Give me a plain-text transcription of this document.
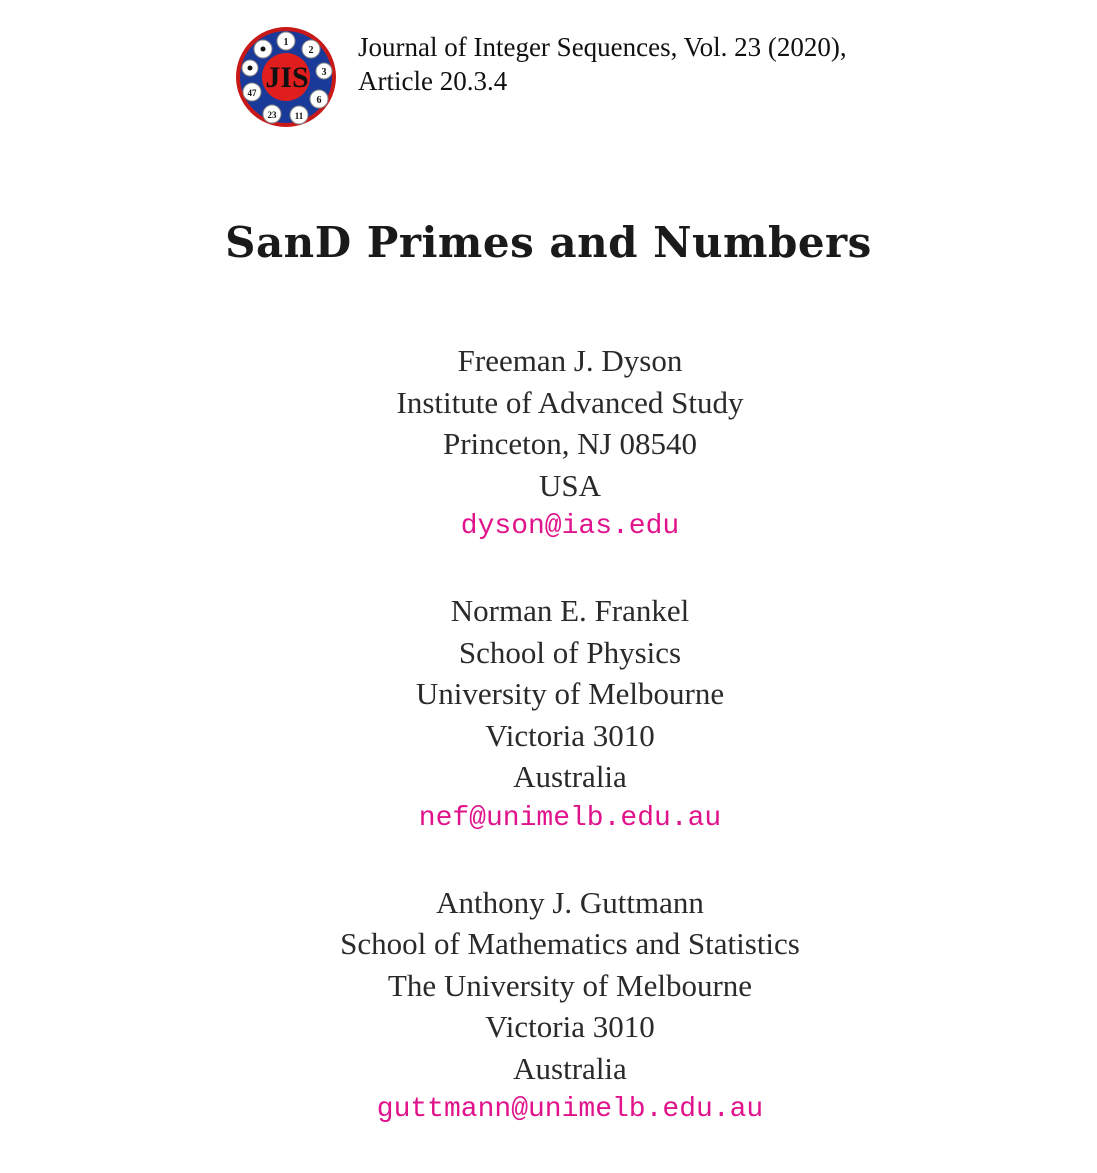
1
2
3
6
11
23
47 JIS
Journal of Integer Sequences, Vol. 23 (2020),
Article 20.3.4
SanD Primes and Numbers
Freeman J. Dyson
Institute of Advanced Study
Princeton, NJ 08540
USA
dyson@ias.edu
Norman E. Frankel
School of Physics
University of Melbourne
Victoria 3010
Australia
nef@unimelb.edu.au
Anthony J. Guttmann
School of Mathematics and Statistics
The University of Melbourne
Victoria 3010
Australia
guttmann@unimelb.edu.au
